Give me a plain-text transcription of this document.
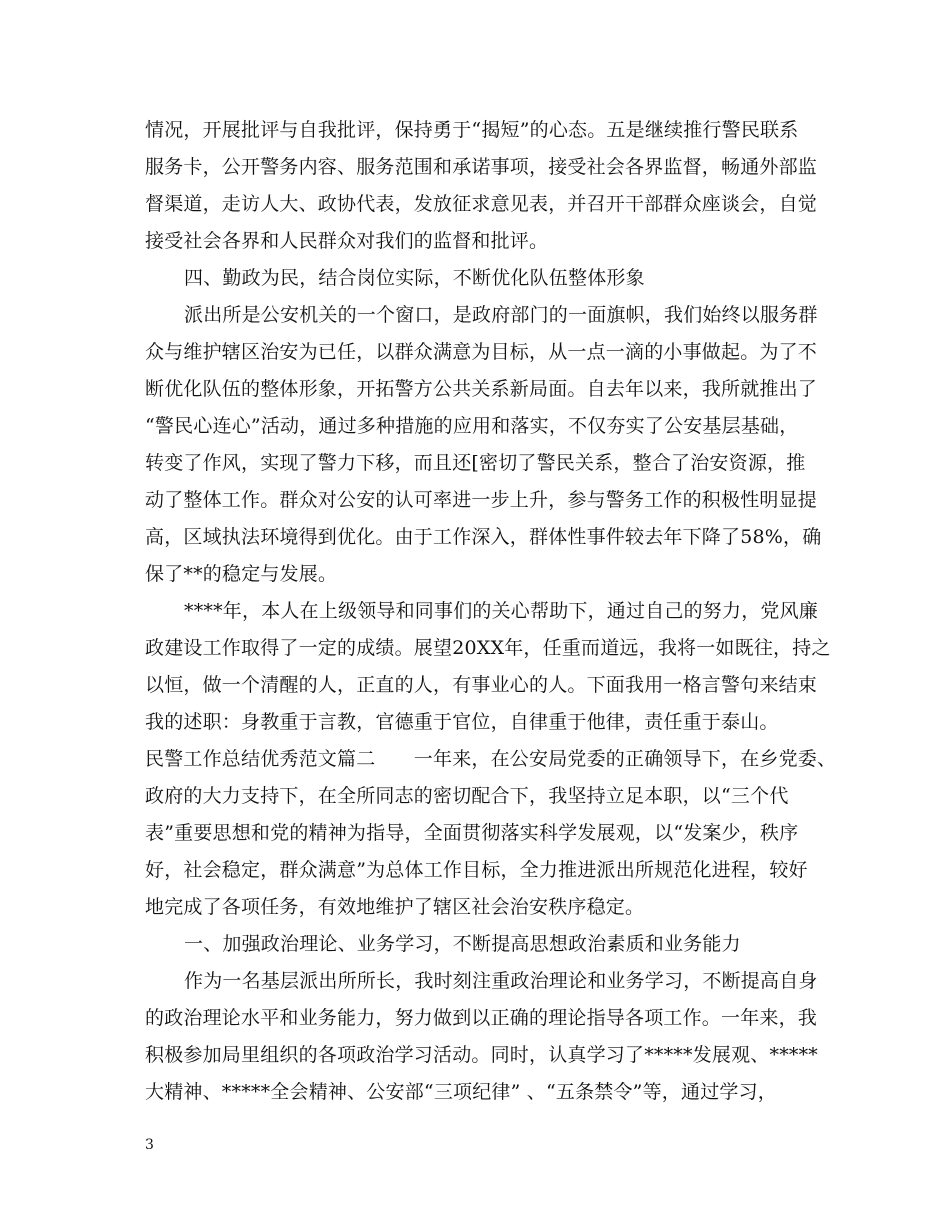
情况，开展批评与自我批评，保持勇于“揭短”的心态。五是继续推行警民联系
服务卡，公开警务内容、服务范围和承诺事项，接受社会各界监督，畅通外部监
督渠道，走访人大、政协代表，发放征求意见表，并召开干部群众座谈会，自觉
接受社会各界和人民群众对我们的监督和批评。
四、勤政为民，结合岗位实际，不断优化队伍整体形象
派出所是公安机关的一个窗口，是政府部门的一面旗帜，我们始终以服务群
众与维护辖区治安为已任，以群众满意为目标，从一点一滴的小事做起。为了不
断优化队伍的整体形象，开拓警方公共关系新局面。自去年以来，我所就推出了
“警民心连心”活动，通过多种措施的应用和落实，不仅夯实了公安基层基础，
转变了作风，实现了警力下移，而且还[密切了警民关系，整合了治安资源，推
动了整体工作。群众对公安的认可率进一步上升，参与警务工作的积极性明显提
高，区域执法环境得到优化。由于工作深入，群体性事件较去年下降了58%，确
保了**的稳定与发展。
****年，本人在上级领导和同事们的关心帮助下，通过自己的努力，党风廉
政建设工作取得了一定的成绩。展望20XX年，任重而道远，我将一如既往，持之
以恒，做一个清醒的人，正直的人，有事业心的人。下面我用一格言警句来结束
我的述职：身教重于言教，官德重于官位，自律重于他律，责任重于泰山。
民警工作总结优秀范文篇二　　一年来，在公安局党委的正确领导下，在乡党委、
政府的大力支持下，在全所同志的密切配合下，我坚持立足本职，以“三个代
表”重要思想和党的精神为指导，全面贯彻落实科学发展观，以“发案少，秩序
好，社会稳定，群众满意”为总体工作目标，全力推进派出所规范化进程，较好
地完成了各项任务，有效地维护了辖区社会治安秩序稳定。
一、加强政治理论、业务学习，不断提高思想政治素质和业务能力
作为一名基层派出所所长，我时刻注重政治理论和业务学习，不断提高自身
的政治理论水平和业务能力，努力做到以正确的理论指导各项工作。一年来，我
积极参加局里组织的各项政治学习活动。同时，认真学习了*****发展观、*****
大精神、*****全会精神、公安部“三项纪律” 、“五条禁令”等，通过学习，
3
